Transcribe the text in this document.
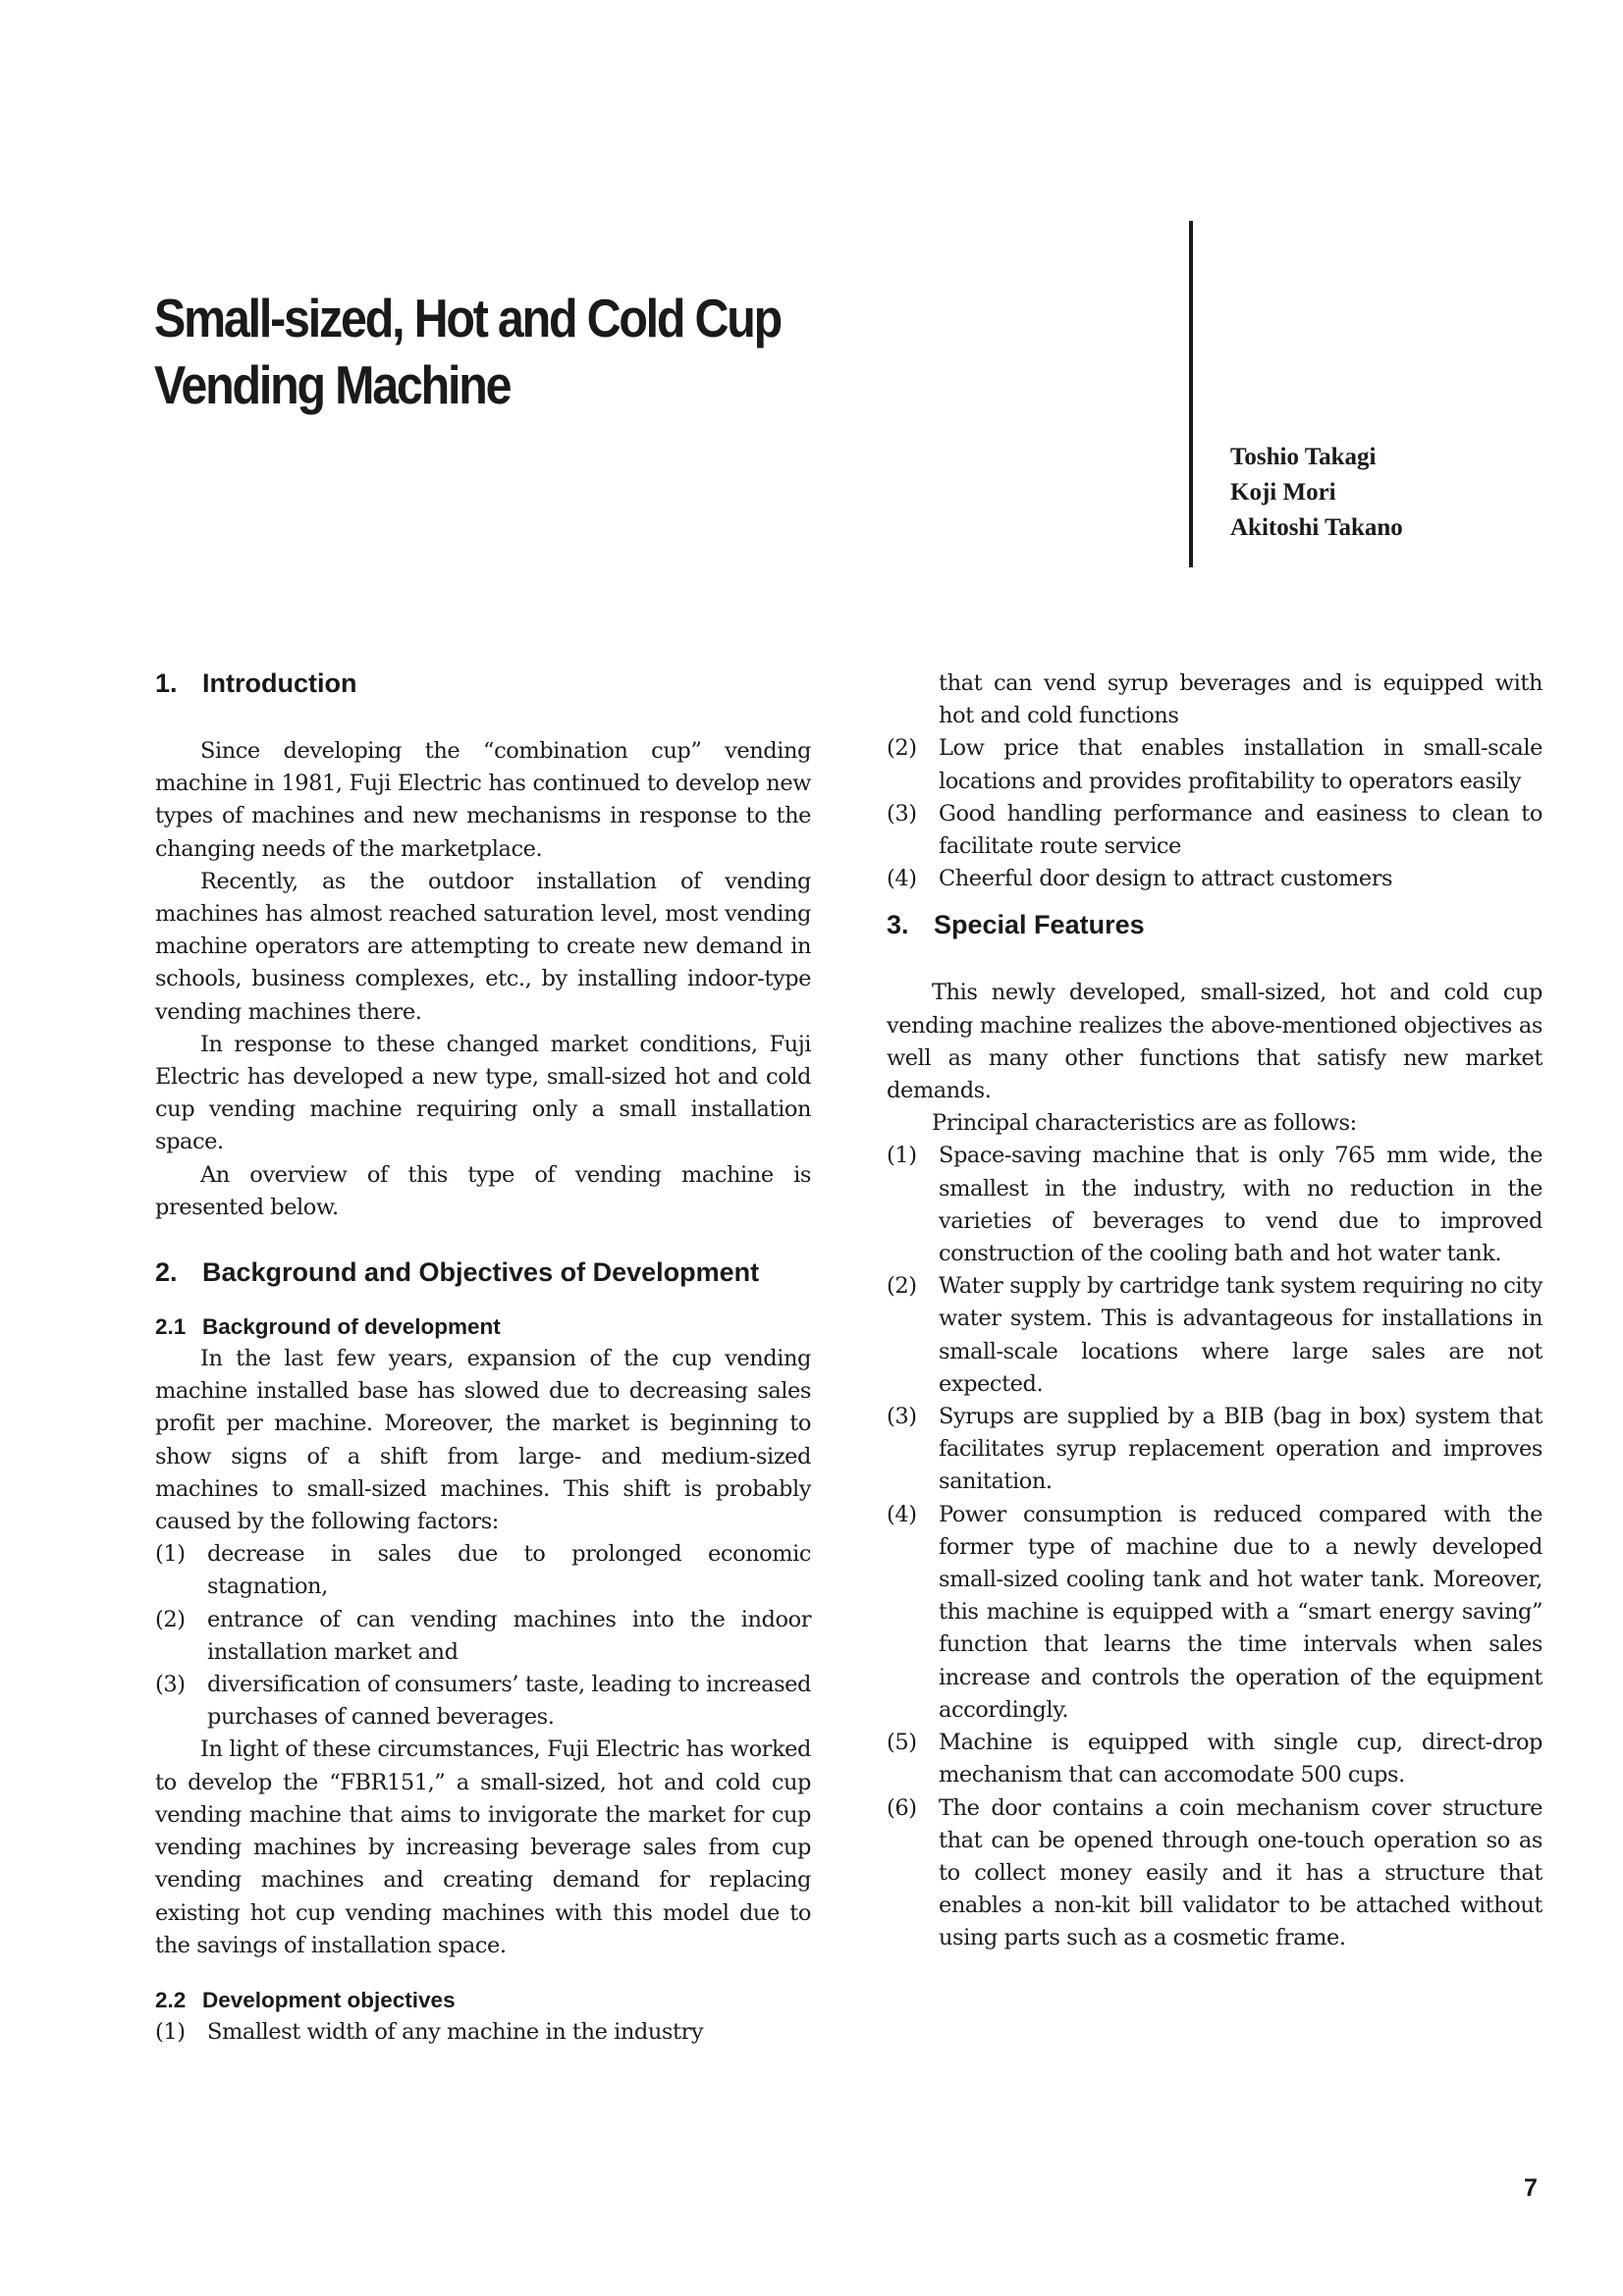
Small-sized, Hot and Cold Cup
Vending Machine
Toshio Takagi
Koji Mori
Akitoshi Takano
1. Introduction

Since developing the “combination cup” vending machine in 1981, Fuji Electric has continued to develop new types of machines and new mechanisms in response to the changing needs of the marketplace.

Recently, as the outdoor installation of vending machines has almost reached saturation level, most vending machine operators are attempting to create new demand in schools, business complexes, etc., by installing indoor-type vending machines there.

In response to these changed market conditions, Fuji Electric has developed a new type, small-sized hot and cold cup vending machine requiring only a small installation space.

An overview of this type of vending machine is presented below.

2. Background and Objectives of Development
2.1 Background of development

In the last few years, expansion of the cup vending machine installed base has slowed due to decreasing sales profit per machine. Moreover, the market is beginning to show signs of a shift from large- and medium-sized machines to small-sized machines. This shift is probably caused by the following factors:

(1) decrease in sales due to prolonged economic stagnation,
(2) entrance of can vending machines into the indoor installation market and
(3) diversification of consumers’ taste, leading to increased purchases of canned beverages.

In light of these circumstances, Fuji Electric has worked to develop the “FBR151,” a small-sized, hot and cold cup vending machine that aims to invigorate the market for cup vending machines by increasing beverage sales from cup vending machines and creating demand for replacing existing hot cup vending machines with this model due to the savings of installation space.

2.2 Development objectives
(1) Smallest width of any machine in the industry
that can vend syrup beverages and is equipped with hot and cold functions
(2) Low price that enables installation in small-scale locations and provides profitability to operators easily
(3) Good handling performance and easiness to clean to facilitate route service
(4) Cheerful door design to attract customers
3. Special Features

This newly developed, small-sized, hot and cold cup vending machine realizes the above-mentioned objectives as well as many other functions that satisfy new market demands.

Principal characteristics are as follows:

(1) Space-saving machine that is only 765 mm wide, the smallest in the industry, with no reduction in the varieties of beverages to vend due to improved construction of the cooling bath and hot water tank.
(2) Water supply by cartridge tank system requiring no city water system. This is advantageous for installations in small-scale locations where large sales are not expected.
(3) Syrups are supplied by a BIB (bag in box) system that facilitates syrup replacement operation and improves sanitation.
(4) Power consumption is reduced compared with the former type of machine due to a newly developed small-sized cooling tank and hot water tank. Moreover, this machine is equipped with a “smart energy saving” function that learns the time intervals when sales increase and controls the operation of the equipment accordingly.
(5) Machine is equipped with single cup, direct-drop mechanism that can accomodate 500 cups.
(6) The door contains a coin mechanism cover structure that can be opened through one-touch operation so as to collect money easily and it has a structure that enables a non-kit bill validator to be attached without using parts such as a cosmetic frame.
7
